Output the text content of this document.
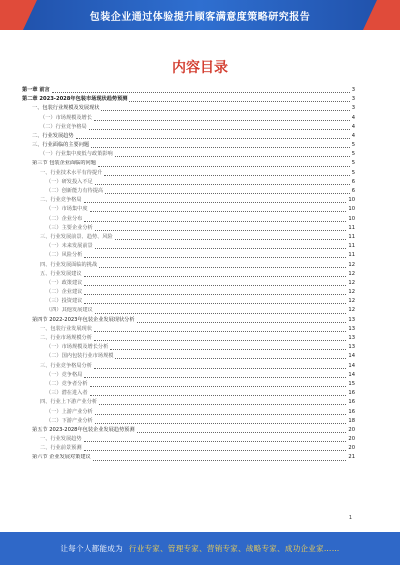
包装企业通过体验提升顾客满意度策略研究报告
内容目录
第一章 前言	3
第二章 2023-2028年包装市场现状趋势预测	3
一、包装行业规模及发展现状	3
（一）市场规模及增长	4
（二）行业竞争格局	4
二、行业发展趋势	4
三、行业面临的主要问题	5
（一）行业集中度低与政策影响	5
第三节 包装企业面临的问题	5
一、行业技术水平有待提升	5
（一）研发投入不足	6
（二）创新能力有待提高	6
二、行业竞争格局	10
（一）市场集中度	10
（二）企业分布	10
（三）主要企业分析	11
三、行业发展前景、趋势、风险	11
（一）未来发展前景	11
（二）风险分析	11
四、行业发展面临的挑战	12
五、行业发展建议	12
（一）政策建议	12
（二）企业建议	12
（三）投资建议	12
（四）其他发展建议	12
第四节 2022-2023年包装企业发展现状分析	13
一、包装行业发展现状	13
二、行业市场规模分析	13
（一）市场规模及增长分析	13
（二）国内包装行业市场规模	14
三、行业竞争格局分析	14
（一）竞争格局	14
（二）竞争者分析	15
（三）潜在进入者	16
四、行业上下游产业分析	16
（一）上游产业分析	16
（二）下游产业分析	18
第五节 2023-2028年包装企业发展趋势预测	20
一、行业发展趋势	20
二、行业前景预测	20
第六节 企业发展对策建议	21
1
让每个人都能成为 行业专家、管理专家、营销专家、战略专家、成功企业家……
